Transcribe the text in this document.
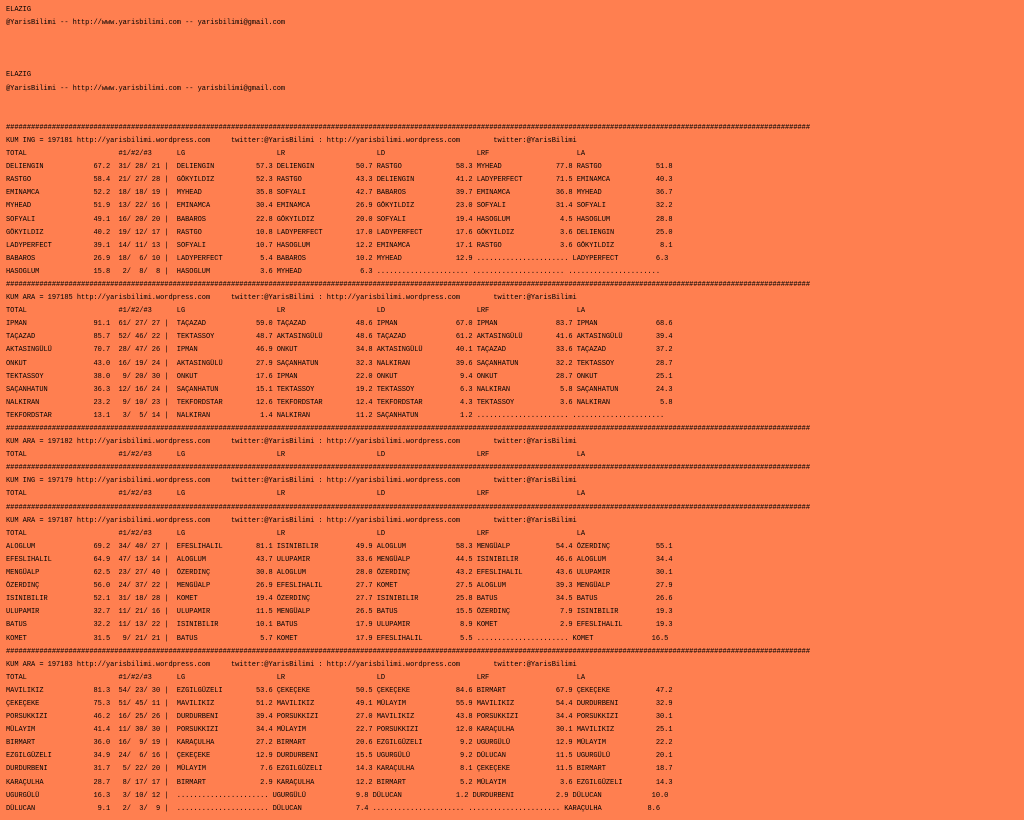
ELAZIG
@YarisBilimi -- http://www.yarisbilimi.com -- yarisbilimi@gmail.com

ELAZIG
@YarisBilimi -- http://www.yarisbilimi.com -- yarisbilimi@gmail.com

#################################################################################################################################################################################################
KUM ING = 197181 http://yarisbilimi.wordpress.com     twitter:@YarisBilimi : http://yarisbilimi.wordpress.com        twitter:@YarisBilimi
TOTAL                      #1/#2/#3      LG                      LR                      LD                      LRF                     LA
DELIENGIN            67.2  31/ 28/ 21 |  DELIENGIN          57.3 DELIENGIN          50.7 RASTGO             58.3 MYHEAD             77.8 RASTGO             51.8
RASTGO               58.4  21/ 27/ 28 |  GÖKYILDIZ          52.3 RASTGO             43.3 DELIENGIN          41.2 LADYPERFECT        71.5 EMINAMCA           40.3
EMINAMCA             52.2  18/ 18/ 19 |  MYHEAD             35.8 SOFYALI            42.7 BABAROS            39.7 EMINAMCA           36.8 MYHEAD             36.7
MYHEAD               51.9  13/ 22/ 16 |  EMINAMCA           30.4 EMINAMCA           26.9 GÖKYILDIZ          23.0 SOFYALI            31.4 SOFYALI            32.2
SOFYALI              49.1  16/ 20/ 20 |  BABAROS            22.8 GÖKYILDIZ          20.0 SOFYALI            19.4 HASOGLUM            4.5 HASOGLUM           28.8
GÖKYILDIZ            40.2  19/ 12/ 17 |  RASTGO             10.8 LADYPERFECT        17.0 LADYPERFECT        17.6 GÖKYILDIZ           3.6 DELIENGIN          25.0
LADYPERFECT          39.1  14/ 11/ 13 |  SOFYALI            10.7 HASOGLUM           12.2 EMINAMCA           17.1 RASTGO              3.6 GÖKYILDIZ           8.1
BABAROS              26.9  18/  6/ 10 |  LADYPERFECT         5.4 BABAROS            10.2 MYHEAD             12.9 ...................... LADYPERFECT         6.3
HASOGLUM             15.8   2/  8/  8 |  HASOGLUM            3.6 MYHEAD              6.3 ...................... ...................... ......................
#################################################################################################################################################################################################
KUM ARA = 197185 http://yarisbilimi.wordpress.com     twitter:@YarisBilimi : http://yarisbilimi.wordpress.com        twitter:@YarisBilimi
TOTAL                      #1/#2/#3      LG                      LR                      LD                      LRF                     LA
IPMAN                91.1  61/ 27/ 27 |  TAÇAZAD            59.0 TAÇAZAD            48.6 IPMAN              67.0 IPMAN              83.7 IPMAN              68.6
TAÇAZAD              85.7  52/ 46/ 22 |  TEKTASSOY          48.7 AKTASINGÜLÜ        48.6 TAÇAZAD            61.2 AKTASINGÜLÜ        41.6 AKTASINGÜLÜ        39.4
AKTASINGÜLÜ          70.7  28/ 47/ 26 |  IPMAN              46.9 ONKUT              34.8 AKTASINGÜLÜ        40.1 TAÇAZAD            33.6 TAÇAZAD            37.2
ONKUT                43.0  16/ 19/ 24 |  AKTASINGÜLÜ        27.9 SAÇANHATUN         32.3 NALKIRAN           39.6 SAÇANHATUN         32.2 TEKTASSOY          28.7
TEKTASSOY            38.0   9/ 20/ 30 |  ONKUT              17.6 IPMAN              22.0 ONKUT               9.4 ONKUT              28.7 ONKUT              25.1
SAÇANHATUN           36.3  12/ 16/ 24 |  SAÇANHATUN         15.1 TEKTASSOY          19.2 TEKTASSOY           6.3 NALKIRAN            5.8 SAÇANHATUN         24.3
NALKIRAN             23.2   9/ 10/ 23 |  TEKFORDSTAR        12.6 TEKFORDSTAR        12.4 TEKFORDSTAR         4.3 TEKTASSOY           3.6 NALKIRAN            5.8
TEKFORDSTAR          13.1   3/  5/ 14 |  NALKIRAN            1.4 NALKIRAN           11.2 SAÇANHATUN          1.2 ...................... ......................
#################################################################################################################################################################################################
KUM ARA = 197182 http://yarisbilimi.wordpress.com     twitter:@YarisBilimi : http://yarisbilimi.wordpress.com        twitter:@YarisBilimi
TOTAL                      #1/#2/#3      LG                      LR                      LD                      LRF                     LA
#################################################################################################################################################################################################
KUM ING = 197179 http://yarisbilimi.wordpress.com     twitter:@YarisBilimi : http://yarisbilimi.wordpress.com        twitter:@YarisBilimi
TOTAL                      #1/#2/#3      LG                      LR                      LD                      LRF                     LA
#################################################################################################################################################################################################
KUM ARA = 197187 http://yarisbilimi.wordpress.com     twitter:@YarisBilimi : http://yarisbilimi.wordpress.com        twitter:@YarisBilimi
TOTAL                      #1/#2/#3      LG                      LR                      LD                      LRF                     LA
ALOGLUM              69.2  34/ 40/ 27 |  EFESLIHALIL        81.1 ISINIBILIR         49.9 ALOGLUM            58.3 MENGÜALP           54.4 ÖZERDINÇ           55.1
EFESLIHALIL          64.9  47/ 13/ 14 |  ALOGLUM            43.7 ULUPAMIR           33.6 MENGÜALP           44.5 ISINIBILIR         46.6 ALOGLUM            34.4
MENGÜALP             62.5  23/ 27/ 40 |  ÖZERDINÇ           30.8 ALOGLUM            28.0 ÖZERDINÇ           43.2 EFESLIHALIL        43.6 ULUPAMIR           30.1
ÖZERDINÇ             56.0  24/ 37/ 22 |  MENGÜALP           26.9 EFESLIHALIL        27.7 KOMET              27.5 ALOGLUM            39.3 MENGÜALP           27.9
ISINIBILIR           52.1  31/ 18/ 28 |  KOMET              19.4 ÖZERDINÇ           27.7 ISINIBILIR         25.8 BATUS              34.5 BATUS              26.6
ULUPAMIR             32.7  11/ 21/ 16 |  ULUPAMIR           11.5 MENGÜALP           26.5 BATUS              15.5 ÖZERDINÇ            7.9 ISINIBILIR         19.3
BATUS                32.2  11/ 13/ 22 |  ISINIBILIR         10.1 BATUS              17.9 ULUPAMIR            8.9 KOMET               2.9 EFESLIHALIL        19.3
KOMET                31.5   9/ 21/ 21 |  BATUS               5.7 KOMET              17.9 EFESLIHALIL         5.5 ...................... KOMET              16.5
#################################################################################################################################################################################################
KUM ARA = 197183 http://yarisbilimi.wordpress.com     twitter:@YarisBilimi : http://yarisbilimi.wordpress.com        twitter:@YarisBilimi
TOTAL                      #1/#2/#3      LG                      LR                      LD                      LRF                     LA
MAVILIKIZ            81.3  54/ 23/ 30 |  EZGILGÜZELI        53.6 ÇEKEÇEKE           50.5 ÇEKEÇEKE           84.6 BIRMART            67.9 ÇEKEÇEKE           47.2
ÇEKEÇEKE             75.3  51/ 45/ 11 |  MAVILIKIZ          51.2 MAVILIKIZ          49.1 MÜLAYIM            55.9 MAVILIKIZ          54.4 DURDURBENI         32.9
PORSUKKIZI           46.2  16/ 25/ 26 |  DURDURBENI         39.4 PORSUKKIZI         27.0 MAVILIKIZ          43.8 PORSUKKIZI         34.4 PORSUKKIZI         30.1
MÜLAYIM              41.4  11/ 30/ 30 |  PORSUKKIZI         34.4 MÜLAYIM            22.7 PORSUKKIZI         12.0 KARAÇULHA          30.1 MAVILIKIZ          25.1
BIRMART              36.0  16/  9/ 19 |  KARAÇULHA          27.2 BIRMART            20.6 EZGILGÜZELI         9.2 UGURGÜLÜ           12.9 MÜLAYIM            22.2
EZGILGÜZELI          34.9  24/  6/ 16 |  ÇEKEÇEKE           12.9 DURDURBENI         15.5 UGURGÜLÜ            9.2 DÜLUCAN            11.5 UGURGÜLÜ           20.1
DURDURBENI           31.7   5/ 22/ 20 |  MÜLAYIM             7.6 EZGILGÜZELI        14.3 KARAÇULHA           8.1 ÇEKEÇEKE           11.5 BIRMART            18.7
KARAÇULHA            28.7   8/ 17/ 17 |  BIRMART             2.9 KARAÇULHA          12.2 BIRMART             5.2 MÜLAYIM             3.6 EZGILGÜZELI        14.3
UGURGÜLÜ             16.3   3/ 10/ 12 |  ...................... UGURGÜLÜ            9.8 DÜLUCAN             1.2 DURDURBENI          2.9 DÜLUCAN            10.0
DÜLUCAN               9.1   2/  3/  9 |  ...................... DÜLUCAN             7.4 ...................... ...................... KARAÇULHA           8.6
